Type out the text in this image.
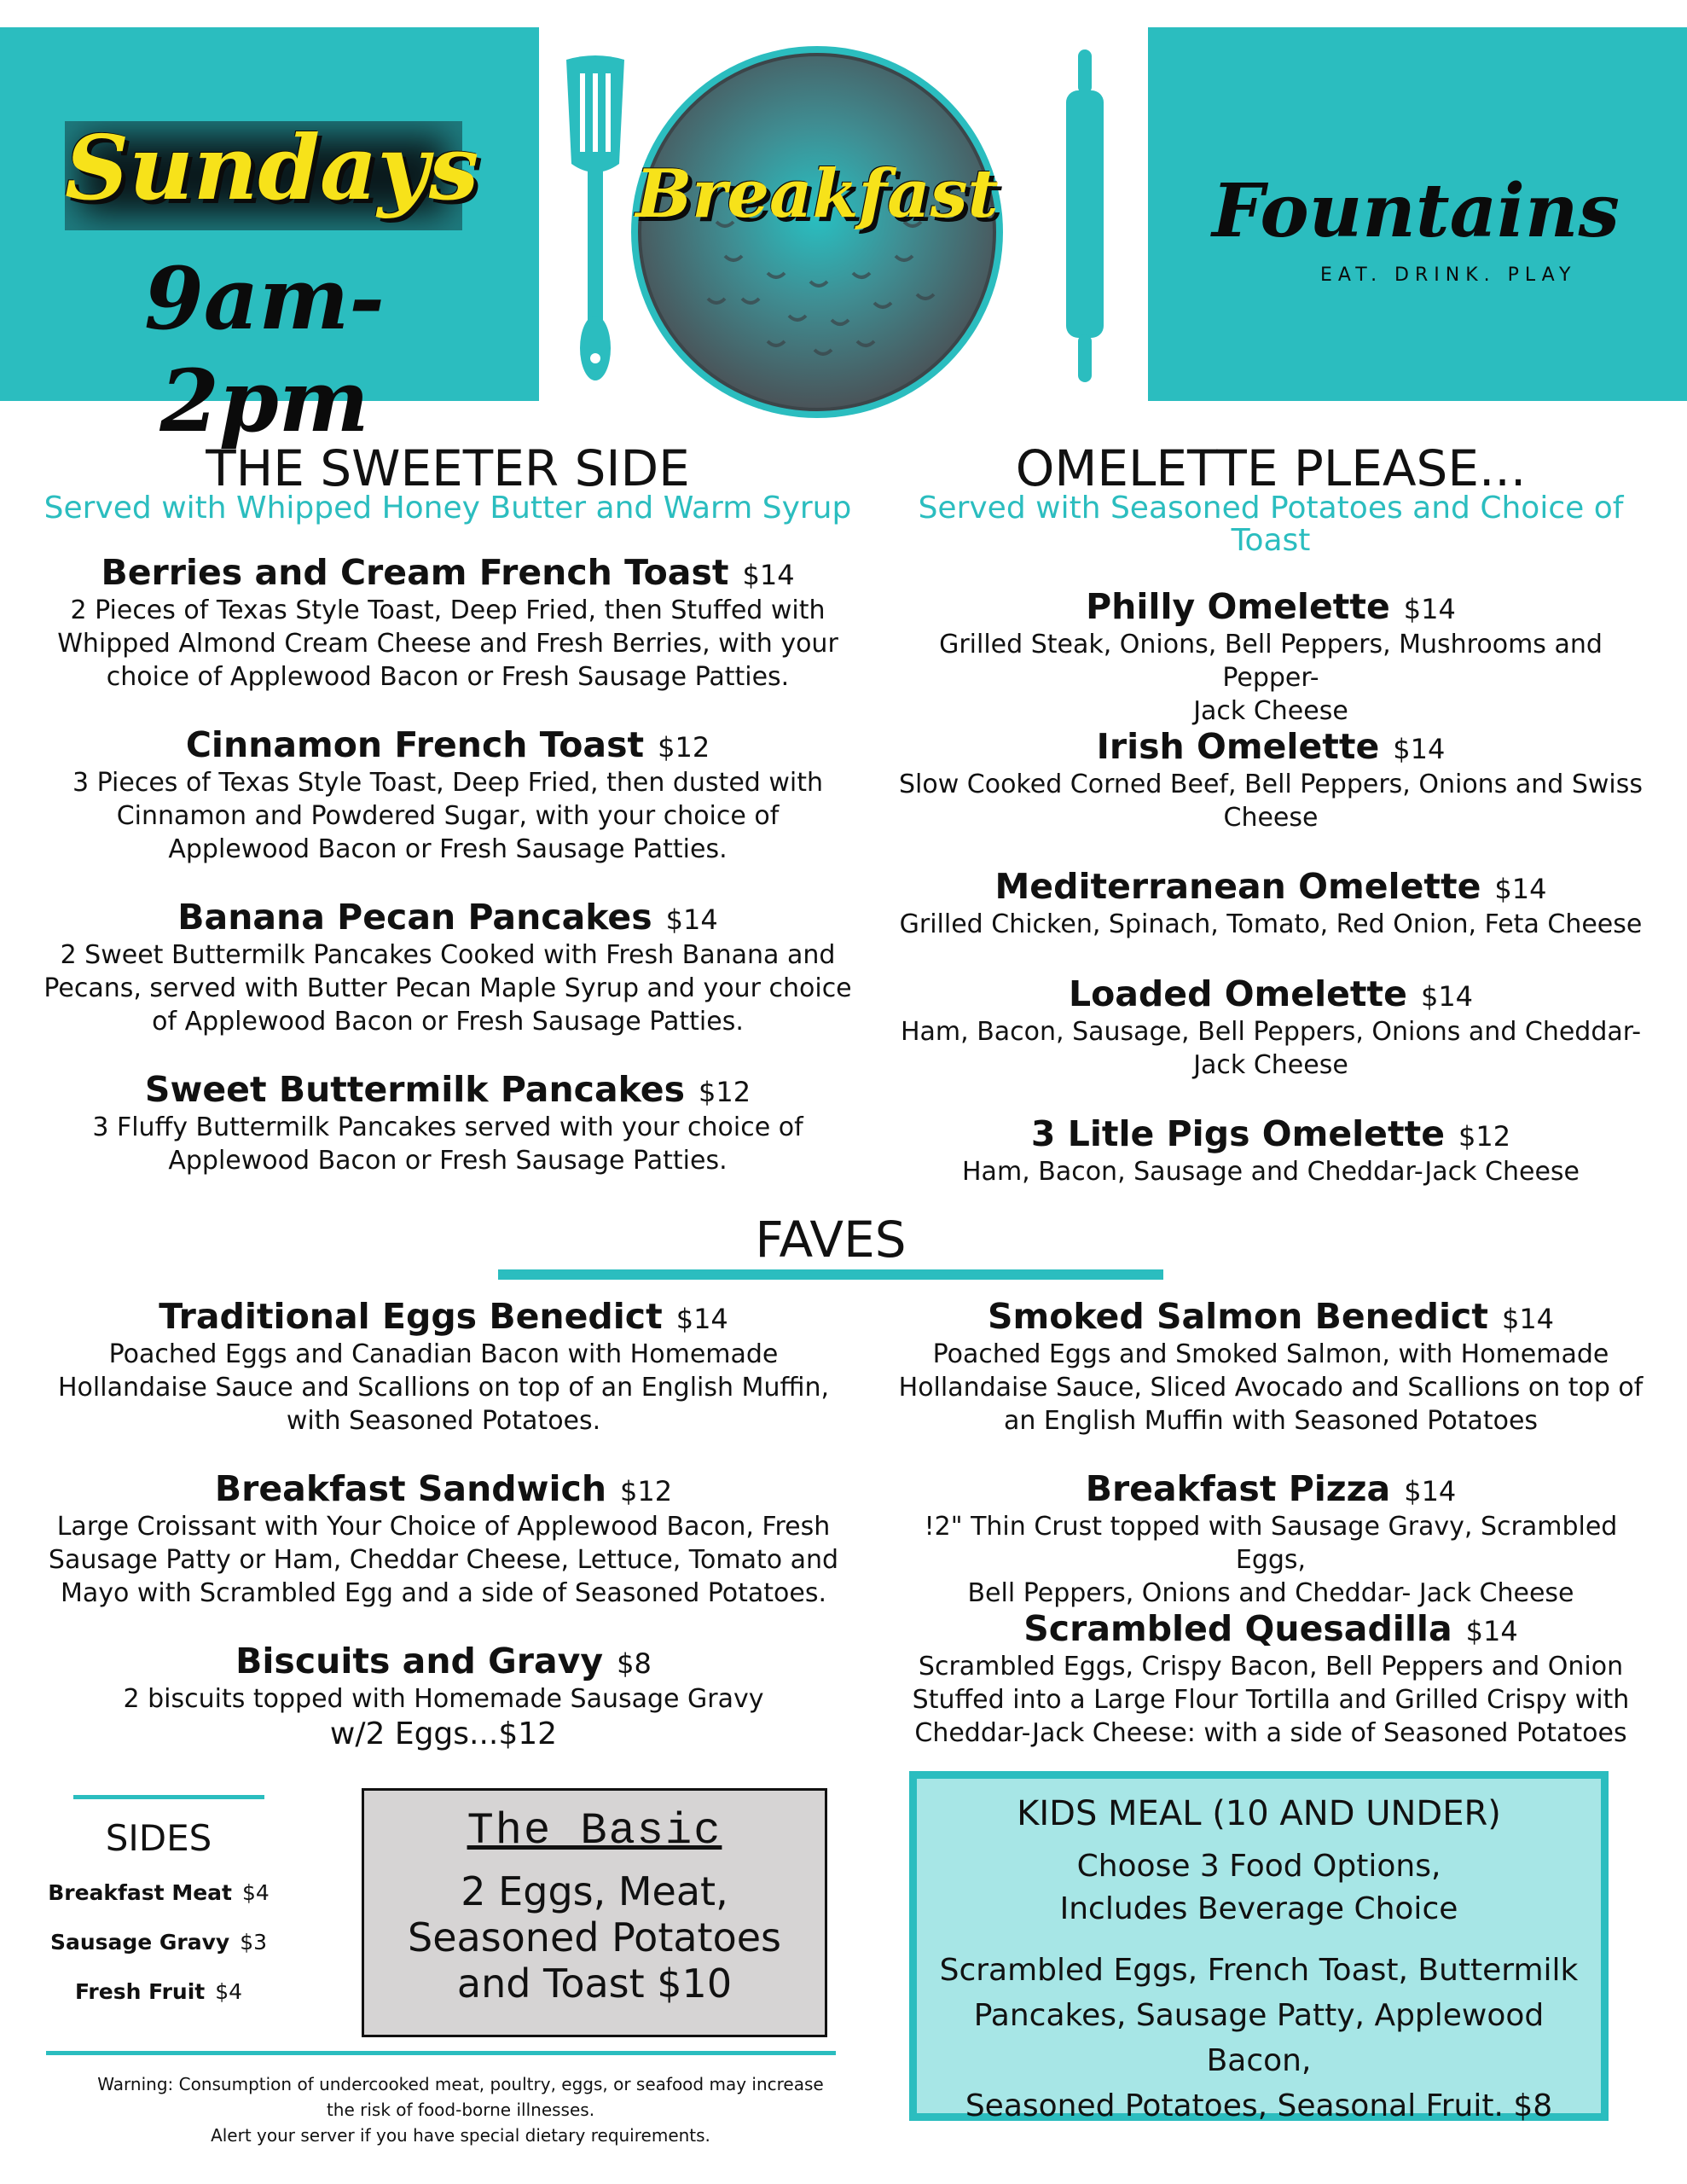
Sundays
9am-2pm
Breakfast	Fountains
EAT. DRINK. PLAY
THE SWEETER SIDE
Served with Whipped Honey Butter and Warm Syrup
Berries and Cream French Toast $14
2 Pieces of Texas Style Toast, Deep Fried, then Stuffed with
Whipped Almond Cream Cheese and Fresh Berries, with your
choice of Applewood Bacon or Fresh Sausage Patties.
Cinnamon French Toast $12
3 Pieces of Texas Style Toast, Deep Fried, then dusted with
Cinnamon and Powdered Sugar, with your choice of
Applewood Bacon or Fresh Sausage Patties.
Banana Pecan Pancakes $14
2 Sweet Buttermilk Pancakes Cooked with Fresh Banana and
Pecans, served with Butter Pecan Maple Syrup and your choice
of Applewood Bacon or Fresh Sausage Patties.
Sweet Buttermilk Pancakes $12
3 Fluffy Buttermilk Pancakes served with your choice of
Applewood Bacon or Fresh Sausage Patties.
OMELETTE PLEASE...
Served with Seasoned Potatoes and Choice of
Toast
Philly Omelette $14
Grilled Steak, Onions, Bell Peppers, Mushrooms and Pepper-
Jack Cheese
Irish Omelette $14
Slow Cooked Corned Beef, Bell Peppers, Onions and Swiss
Cheese
Mediterranean Omelette $14
Grilled Chicken, Spinach, Tomato, Red Onion, Feta Cheese
Loaded Omelette $14
Ham, Bacon, Sausage, Bell Peppers, Onions and Cheddar-
Jack Cheese
3 Litle Pigs Omelette $12
Ham, Bacon, Sausage and Cheddar-Jack Cheese
FAVES
Traditional Eggs Benedict $14
Poached Eggs and Canadian Bacon with Homemade
Hollandaise Sauce and Scallions on top of an English Muffin,
with Seasoned Potatoes.
Breakfast Sandwich $12
Large Croissant with Your Choice of Applewood Bacon, Fresh
Sausage Patty or Ham, Cheddar Cheese, Lettuce, Tomato and
Mayo with Scrambled Egg and a side of Seasoned Potatoes.
Biscuits and Gravy $8
2 biscuits topped with Homemade Sausage Gravy
w/2 Eggs...$12
Smoked Salmon Benedict $14
Poached Eggs and Smoked Salmon, with Homemade
Hollandaise Sauce, Sliced Avocado and Scallions on top of
an English Muffin with Seasoned Potatoes
Breakfast Pizza $14
!2" Thin Crust topped with Sausage Gravy, Scrambled Eggs,
Bell Peppers, Onions and Cheddar- Jack Cheese
Scrambled Quesadilla $14
Scrambled Eggs, Crispy Bacon, Bell Peppers and Onion
Stuffed into a Large Flour Tortilla and Grilled Crispy with
Cheddar-Jack Cheese: with a side of Seasoned Potatoes
SIDES
Breakfast Meat $4
Sausage Gravy $3
Fresh Fruit $4
The Basic
2 Eggs, Meat,
Seasoned Potatoes
and Toast $10
KIDS MEAL (10 AND UNDER)
Choose 3 Food Options,
Includes Beverage Choice
Scrambled Eggs, French Toast, Buttermilk
Pancakes, Sausage Patty, Applewood Bacon,
Seasoned Potatoes, Seasonal Fruit. $8
Warning: Consumption of undercooked meat, poultry, eggs, or seafood may increase
the risk of food-borne illnesses.
Alert your server if you have special dietary requirements.
